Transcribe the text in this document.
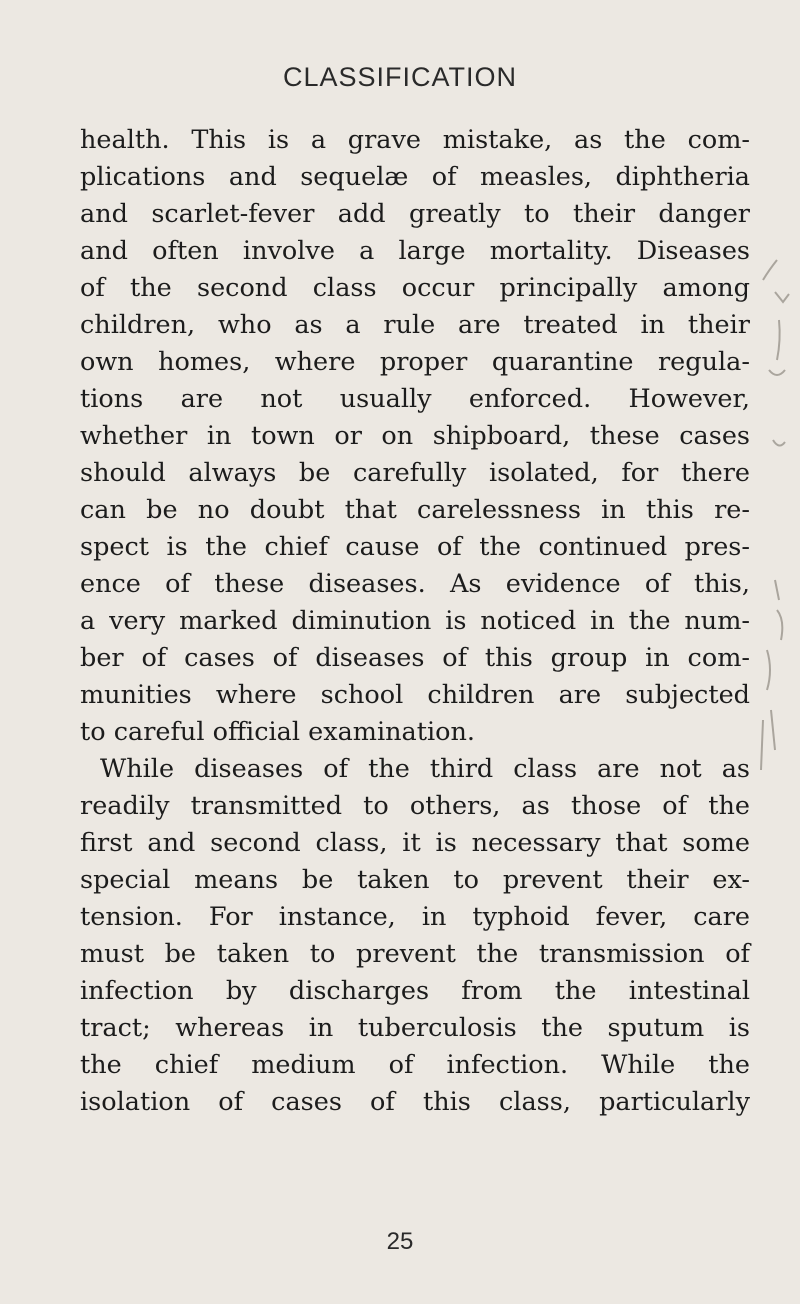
CLASSIFICATION
health. This is a grave mistake, as the com-
plications and sequelæ of measles, diphtheria
and scarlet-fever add greatly to their danger
and often involve a large mortality. Diseases
of the second class occur principally among
children, who as a rule are treated in their
own homes, where proper quarantine regula-
tions are not usually enforced. However,
whether in town or on shipboard, these cases
should always be carefully isolated, for there
can be no doubt that carelessness in this re-
spect is the chief cause of the continued pres-
ence of these diseases. As evidence of this,
a very marked diminution is noticed in the num-
ber of cases of diseases of this group in com-
munities where school children are subjected
to careful official examination.
While diseases of the third class are not as
readily transmitted to others, as those of the
first and second class, it is necessary that some
special means be taken to prevent their ex-
tension. For instance, in typhoid fever, care
must be taken to prevent the transmission of
infection by discharges from the intestinal
tract; whereas in tuberculosis the sputum is
the chief medium of infection. While the
isolation of cases of this class, particularly
25
